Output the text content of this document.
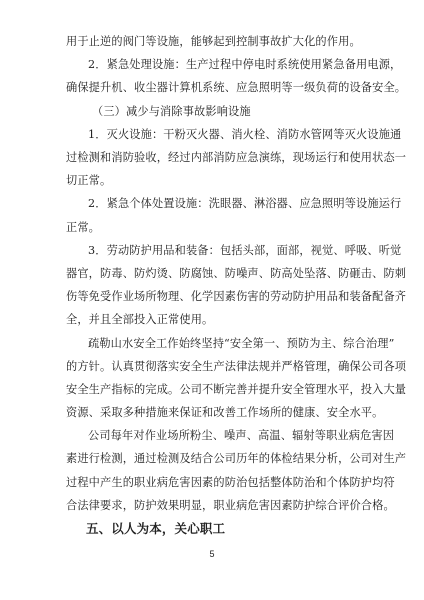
用于止逆的阀门等设施，能够起到控制事故扩大化的作用。
2．紧急处理设施：生产过程中停电时系统使用紧急备用电源，
确保提升机、收尘器计算机系统、应急照明等一级负荷的设备安全。
（三）减少与消除事故影响设施
1．灭火设施：干粉灭火器、消火栓、消防水管网等灭火设施通
过检测和消防验收，经过内部消防应急演练，现场运行和使用状态一
切正常。
2．紧急个体处置设施：洗眼器、淋浴器、应急照明等设施运行
正常。
3．劳动防护用品和装备：包括头部，面部，视觉、呼吸、听觉
器官，防毒、防灼烫、防腐蚀、防噪声、防高处坠落、防砸击、防刺
伤等免受作业场所物理、化学因素伤害的劳动防护用品和装备配备齐
全，并且全部投入正常使用。
疏勒山水安全工作始终坚持“安全第一、预防为主、综合治理”
的方针。认真贯彻落实安全生产法律法规并严格管理，确保公司各项
安全生产指标的完成。公司不断完善并提升安全管理水平，投入大量
资源、采取多种措施来保证和改善工作场所的健康、安全水平。
公司每年对作业场所粉尘、噪声、高温、辐射等职业病危害因
素进行检测，通过检测及结合公司历年的体检结果分析，公司对生产
过程中产生的职业病危害因素的防治包括整体防治和个体防护均符
合法律要求，防护效果明显，职业病危害因素防护综合评价合格。
五、以人为本，关心职工
5
